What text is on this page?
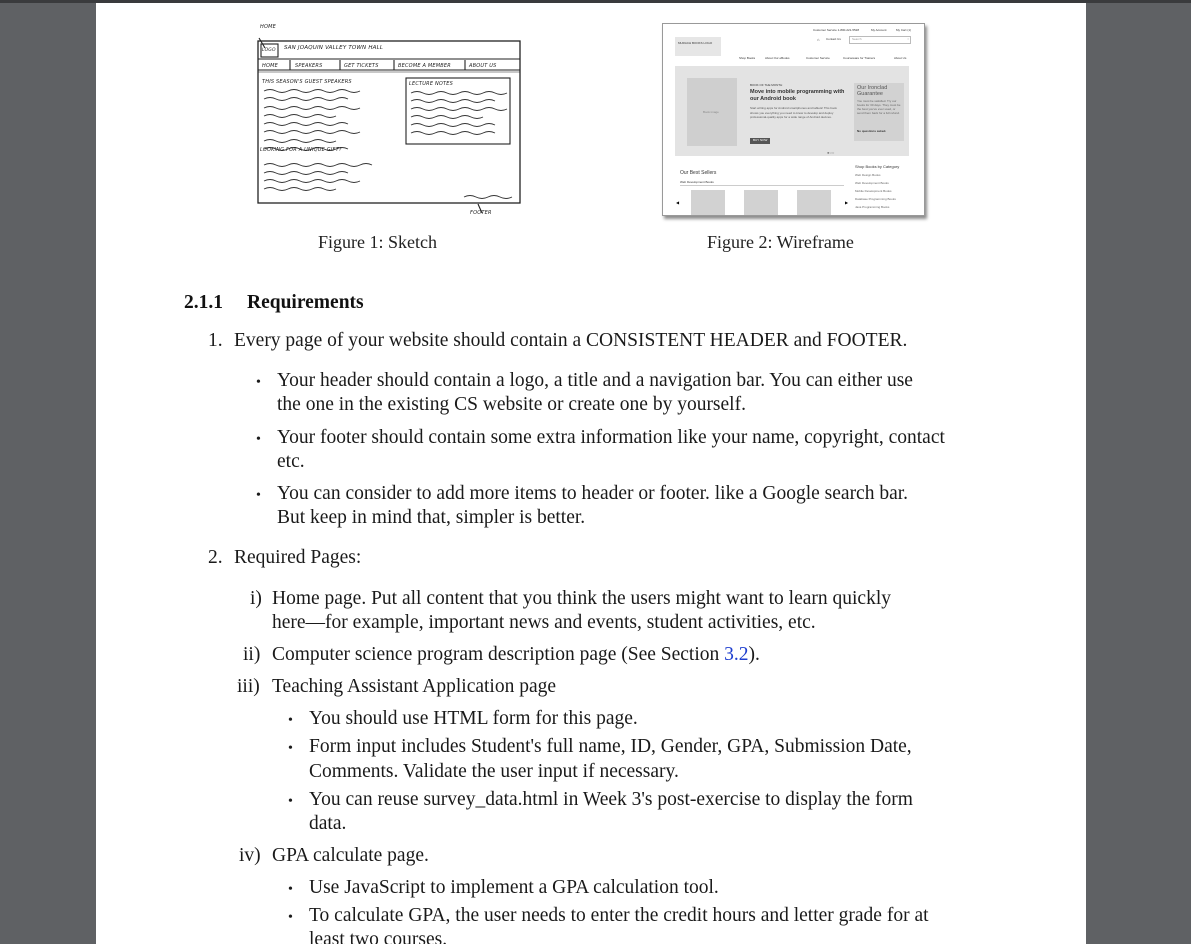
HOME
LOGO SAN JOAQUIN VALLEY TOWN HALL
HOME	SPEAKERS	GET TICKETS	BECOME A MEMBER	ABOUT US
THIS SEASON'S GUEST SPEAKERS	LECTURE NOTES
LOOKING FOR A UNIQUE GIFT?
FOOTER
Figure 1: Sketch
Customer Service 1-800-221-5528	My Account	My Cart (1)
⌂ Contact Us	Search	○
MURACH BOOKS LOGO
Shop Books	About Our eBooks	Customer Service	Courseware for Trainers	About Us
Book image
BOOK OF THE MONTH
Move into mobile programming with our Android book
Start writing apps for Android smartphones and tablets! This book shows you everything you need to know to develop and deploy professional-quality apps for a wide range of Android devices.
BUY NOW
Our Ironclad Guarantee
You must be satisfied. Try our books for 30 days. They must be the best you've ever used, or send them back for a full refund.
No questions asked.
●○○
Our Best Sellers
Web Development Books
◀	▶
Shop Books by Category
Web Design Books
Web Development Books
Mobile Development Books
Database Programming Books
Java Programming Books
Figure 2: Wireframe
2.1.1 Requirements
1. Every page of your website should contain a CONSISTENT HEADER and FOOTER.
• Your header should contain a logo, a title and a navigation bar. You can either use
the one in the existing CS website or create one by yourself.
• Your footer should contain some extra information like your name, copyright, contact
etc.
• You can consider to add more items to header or footer. like a Google search bar.
But keep in mind that, simpler is better.
2. Required Pages:
i) Home page. Put all content that you think the users might want to learn quickly
here—for example, important news and events, student activities, etc.
ii) Computer science program description page (See Section 3.2).
iii) Teaching Assistant Application page
• You should use HTML form for this page.
• Form input includes Student's full name, ID, Gender, GPA, Submission Date,
Comments. Validate the user input if necessary.
• You can reuse survey_data.html in Week 3's post-exercise to display the form
data.
iv) GPA calculate page.
• Use JavaScript to implement a GPA calculation tool.
• To calculate GPA, the user needs to enter the credit hours and letter grade for at
least two courses.
